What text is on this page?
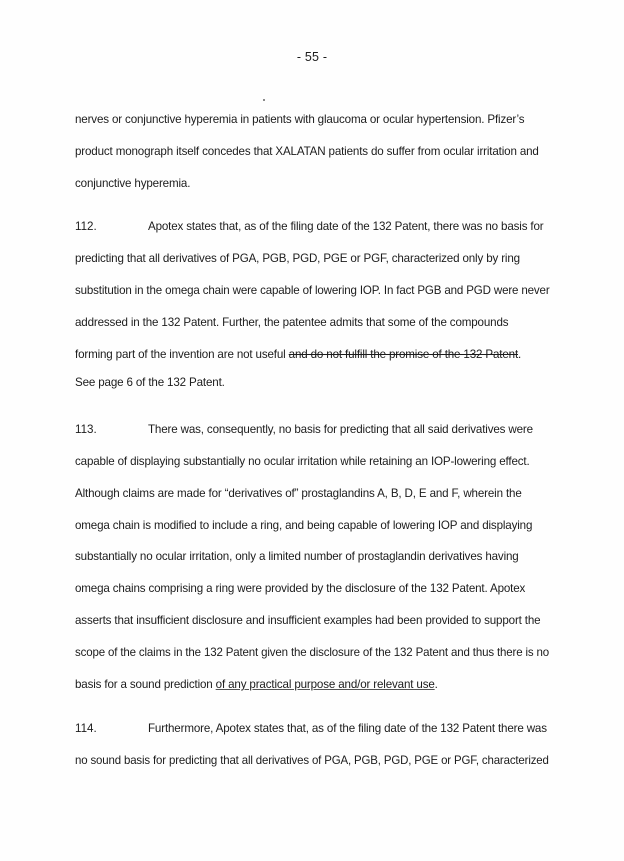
- 55 -
nerves or conjunctive hyperemia in patients with glaucoma or ocular hypertension. Pfizer’s
product monograph itself concedes that XALATAN patients do suffer from ocular irritation and
conjunctive hyperemia.
112.	Apotex states that, as of the filing date of the 132 Patent, there was no basis for
predicting that all derivatives of PGA, PGB, PGD, PGE or PGF, characterized only by ring
substitution in the omega chain were capable of lowering IOP. In fact PGB and PGD were never
addressed in the 132 Patent. Further, the patentee admits that some of the compounds
forming part of the invention are not useful and do not fulfill the promise of the 132 Patent.
See page 6 of the 132 Patent.
113.	There was, consequently, no basis for predicting that all said derivatives were
capable of displaying substantially no ocular irritation while retaining an IOP-lowering effect.
Although claims are made for “derivatives of” prostaglandins A, B, D, E and F, wherein the
omega chain is modified to include a ring, and being capable of lowering IOP and displaying
substantially no ocular irritation, only a limited number of prostaglandin derivatives having
omega chains comprising a ring were provided by the disclosure of the 132 Patent. Apotex
asserts that insufficient disclosure and insufficient examples had been provided to support the
scope of the claims in the 132 Patent given the disclosure of the 132 Patent and thus there is no
basis for a sound prediction of any practical purpose and/or relevant use.
114.	Furthermore, Apotex states that, as of the filing date of the 132 Patent there was
no sound basis for predicting that all derivatives of PGA, PGB, PGD, PGE or PGF, characterized
